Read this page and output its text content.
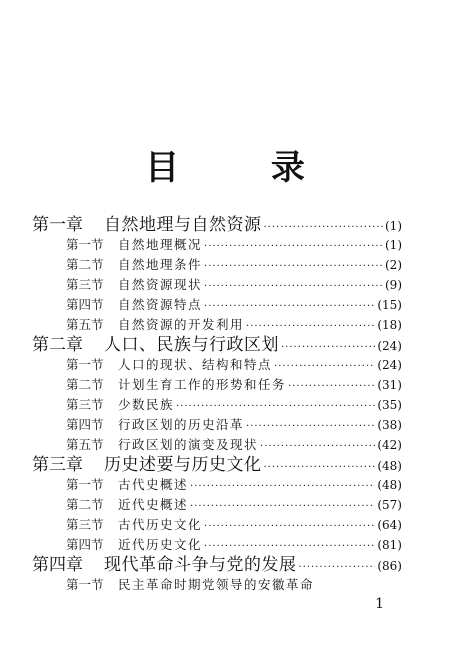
目 录
第一章	自然地理与自然资源 ·····	(1)
第一节	自然地理概况 ·····	(1)
第二节	自然地理条件 ·····	(2)
第三节	自然资源现状 ·····	(9)
第四节	自然资源特点 ·····	(15)
第五节	自然资源的开发利用 ·····	(18)
第二章	人口、民族与行政区划 ·····	(24)
第一节	人口的现状、结构和特点 ·····	(24)
第二节	计划生育工作的形势和任务 ·····	(31)
第三节	少数民族 ·····	(35)
第四节	行政区划的历史沿革 ·····	(38)
第五节	行政区划的演变及现状 ·····	(42)
第三章	历史述要与历史文化 ·····	(48)
第一节	古代史概述 ·····	(48)
第二节	近代史概述 ·····	(57)
第三节	古代历史文化 ·····	(64)
第四节	近代历史文化 ·····	(81)
第四章	现代革命斗争与党的发展 ·····	(86)
第一节	民主革命时期党领导的安徽革命
1
